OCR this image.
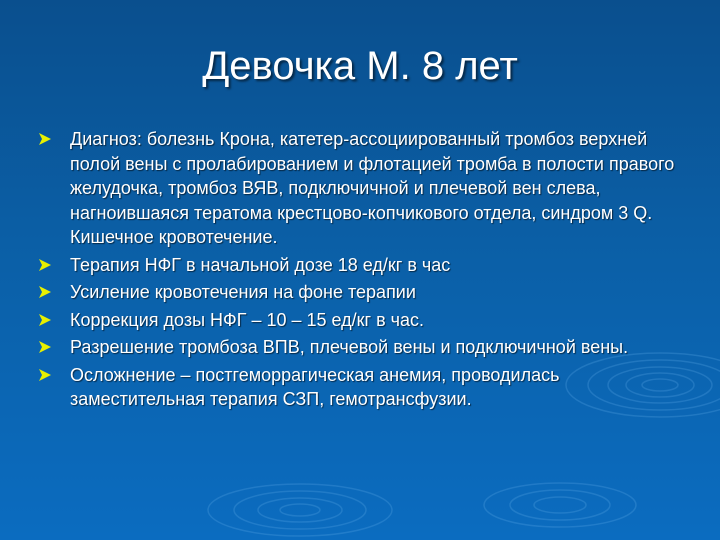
Девочка М. 8 лет
Диагноз: болезнь Крона, катетер-ассоциированный тромбоз верхней полой вены с пролабированием и флотацией тромба в полости правого желудочка, тромбоз ВЯВ, подключичной и плечевой вен слева, нагноившаяся тератома крестцово-копчикового отдела, синдром 3 Q. Кишечное кровотечение.
Терапия НФГ в начальной дозе 18 ед/кг в час
Усиление кровотечения на фоне терапии
Коррекция дозы НФГ – 10 – 15 ед/кг в час.
Разрешение тромбоза ВПВ, плечевой вены и подключичной вены.
Осложнение – постгеморрагическая анемия, проводилась заместительная терапия СЗП, гемотрансфузии.
